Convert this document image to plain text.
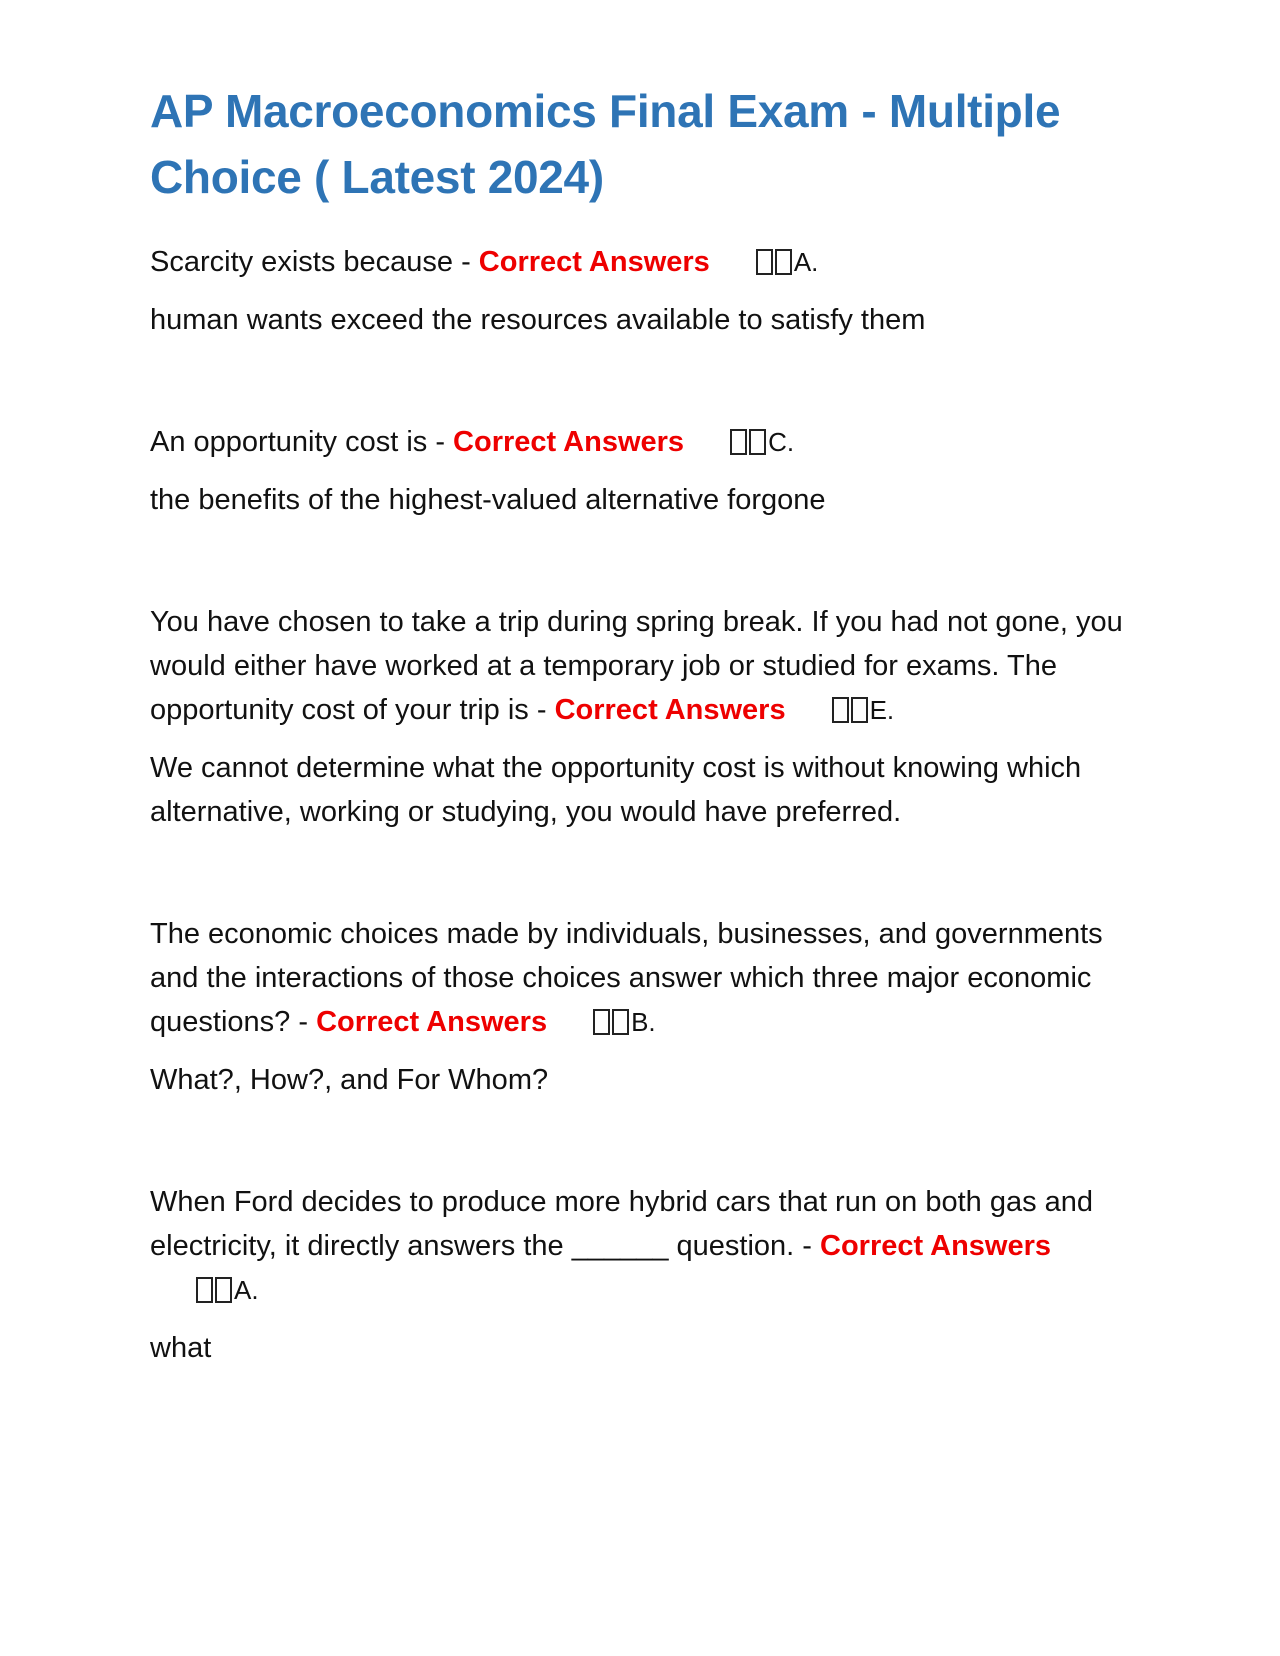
AP Macroeconomics Final Exam - Multiple Choice ( Latest 2024)

Scarcity exists because - Correct Answers	A.

human wants exceed the resources available to satisfy them

An opportunity cost is - Correct Answers	C.

the benefits of the highest-valued alternative forgone

You have chosen to take a trip during spring break. If you had not gone, you would either have worked at a temporary job or studied for exams. The opportunity cost of your trip is - Correct Answers	E.

We cannot determine what the opportunity cost is without knowing which alternative, working or studying, you would have preferred.

The economic choices made by individuals, businesses, and governments and the interactions of those choices answer which three major economic questions? - Correct Answers	B.

What?, How?, and For Whom?

When Ford decides to produce more hybrid cars that run on both gas and electricity, it directly answers the ______ question. - Correct AnswersA.

what
